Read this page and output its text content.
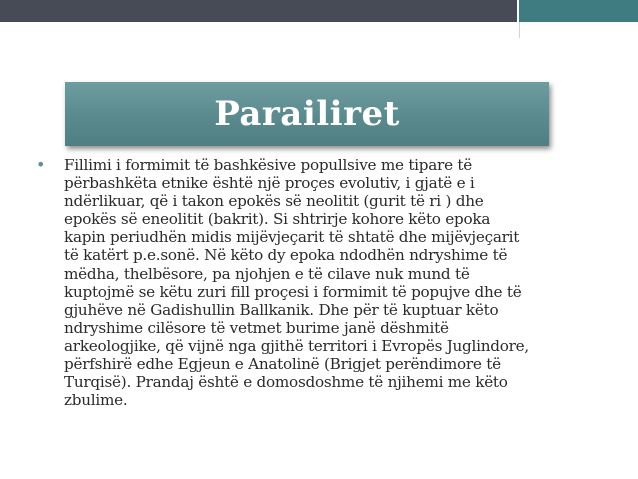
Parailiret
• Fillimi i formimit të bashkësive popullsive me tipare të
përbashkëta etnike është një proçes evolutiv, i gjatë e i
ndërlikuar, që i takon epokës së neolitit (gurit të ri ) dhe
epokës së eneolitit (bakrit). Si shtrirje kohore këto epoka
kapin periudhën midis mijëvjeçarit të shtatë dhe mijëvjeçarit
të katërt p.e.sonë. Në këto dy epoka ndodhën ndryshime të
mëdha, thelbësore, pa njohjen e të cilave nuk mund të
kuptojmë se këtu zuri fill proçesi i formimit të popujve dhe të
gjuhëve në Gadishullin Ballkanik. Dhe për të kuptuar këto
ndryshime cilësore të vetmet burime janë dëshmitë
arkeologjike, që vijnë nga gjithë territori i Evropës Juglindore,
përfshirë edhe Egjeun e Anatolinë (Brigjet perëndimore të
Turqisë). Prandaj është e domosdoshme të njihemi me këto
zbulime.
